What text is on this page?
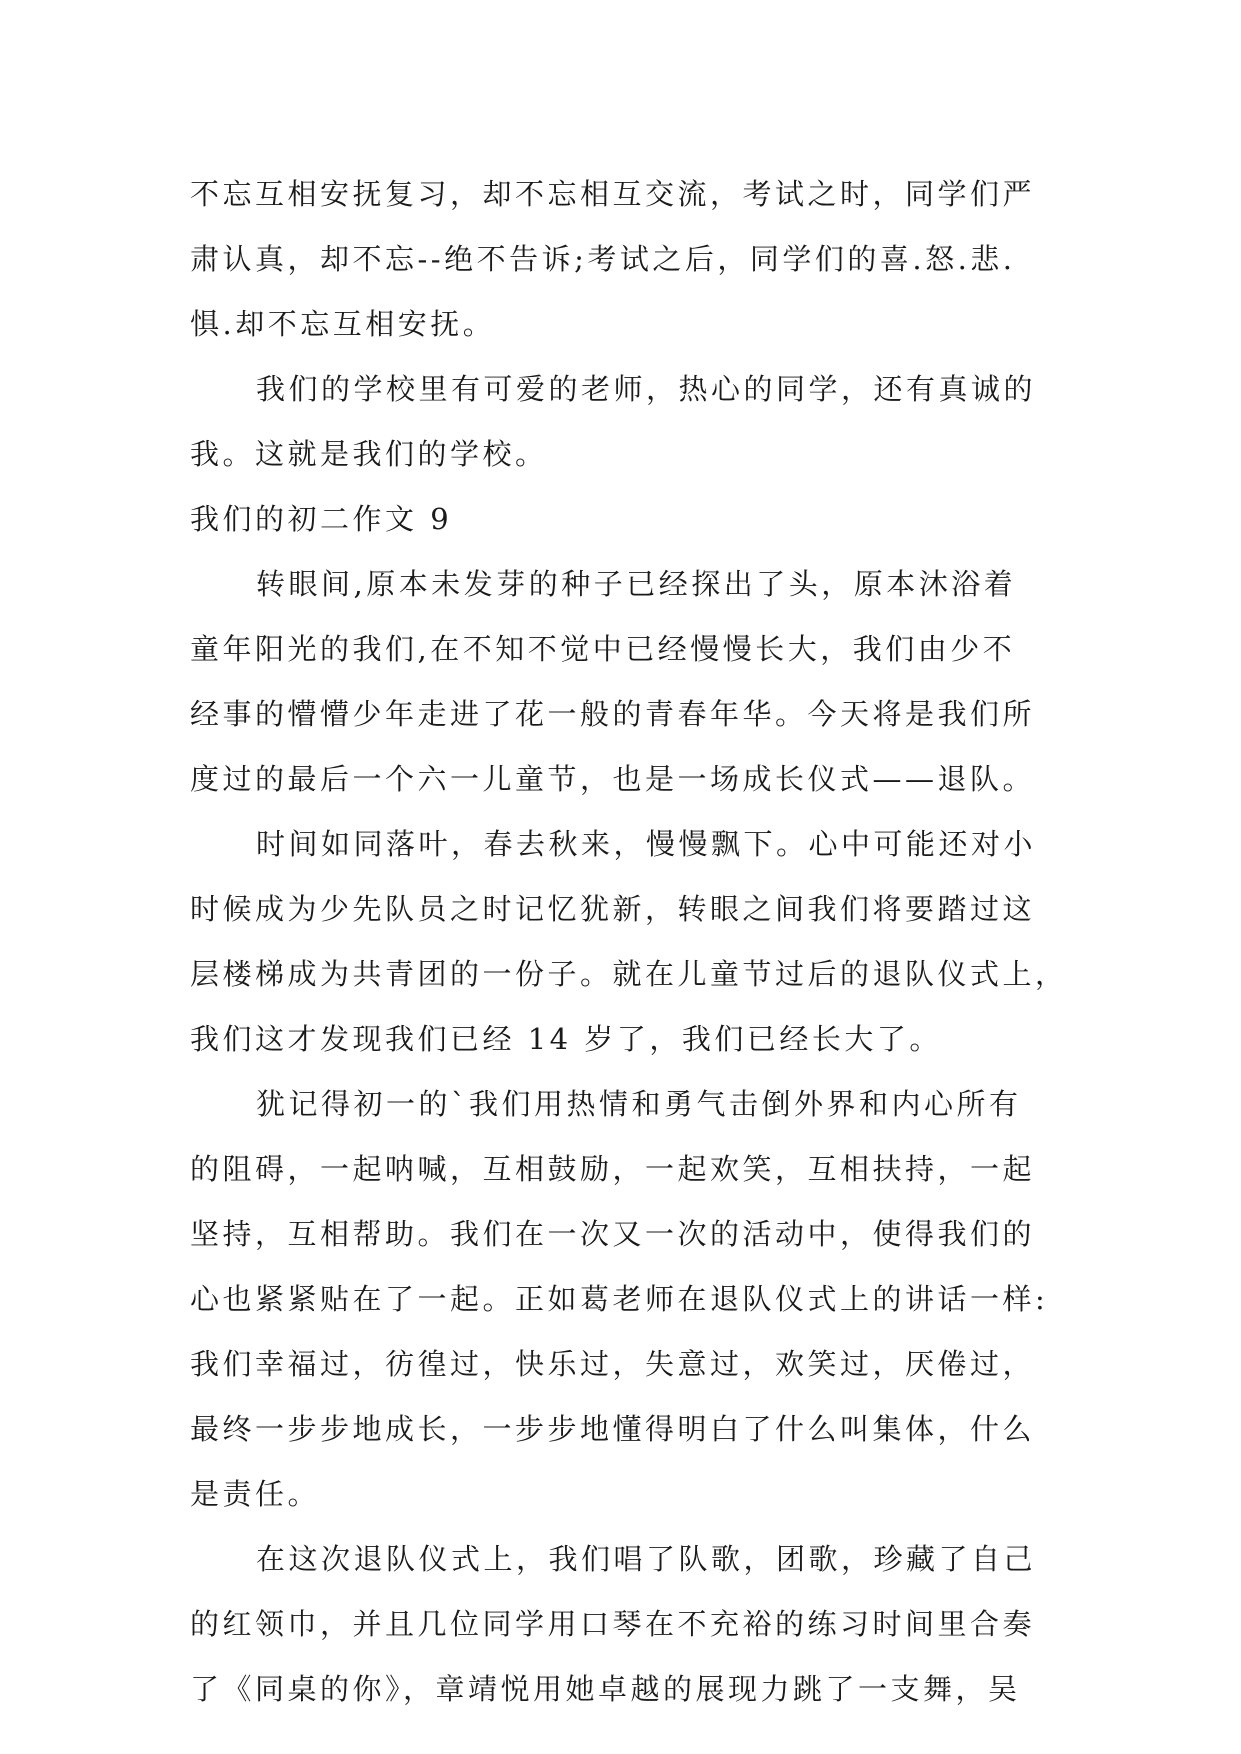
不忘互相安抚复习，却不忘相互交流，考试之时，同学们严
肃认真，却不忘--绝不告诉;考试之后，同学们的喜.怒.悲.
惧.却不忘互相安抚。

我们的学校里有可爱的老师，热心的同学，还有真诚的
我。这就是我们的学校。

我们的初二作文 9

转眼间,原本未发芽的种子已经探出了头，原本沐浴着
童年阳光的我们,在不知不觉中已经慢慢长大，我们由少不
经事的懵懵少年走进了花一般的青春年华。今天将是我们所
度过的最后一个六一儿童节，也是一场成长仪式——退队。

时间如同落叶，春去秋来，慢慢飘下。心中可能还对小
时候成为少先队员之时记忆犹新，转眼之间我们将要踏过这
层楼梯成为共青团的一份子。就在儿童节过后的退队仪式上，
我们这才发现我们已经 14 岁了，我们已经长大了。

犹记得初一的`我们用热情和勇气击倒外界和内心所有
的阻碍，一起呐喊，互相鼓励，一起欢笑，互相扶持，一起
坚持，互相帮助。我们在一次又一次的活动中，使得我们的
心也紧紧贴在了一起。正如葛老师在退队仪式上的讲话一样:
我们幸福过，彷徨过，快乐过，失意过，欢笑过，厌倦过，
最终一步步地成长，一步步地懂得明白了什么叫集体，什么
是责任。

在这次退队仪式上，我们唱了队歌，团歌，珍藏了自己
的红领巾，并且几位同学用口琴在不充裕的练习时间里合奏
了《同桌的你》，章靖悦用她卓越的展现力跳了一支舞，吴
